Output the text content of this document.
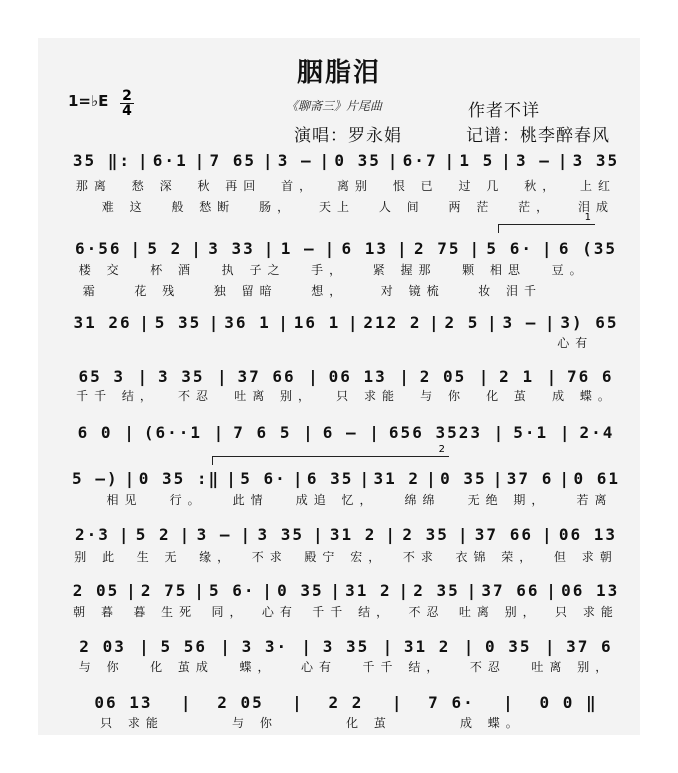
胭脂泪
1=♭E 2
4	《聊斋三》片尾曲	作者不详
演唱：罗永娟	记谱：桃李醉春风
1
2
35 ‖: | 6·1 | 7 65 | 3 – | 0 35 | 6·7 | 1 5 | 3 – | 3 35
那离	愁 深	秋 再回	首，	离别	恨 已	过 几	秋，	上红
难 这	般 愁断	肠，	天上	人 间	两 茫	茫，	泪成
6·56 | 5 2 | 3 33 | 1 – | 6 13 | 2 75 | 5 6· | 6 (35
楼 交	杯 酒	执 子之	手，	紧 握那	颗 相思	豆。
霜	花 残	独 留暗	想，	对 镜梳	妆 泪千
31 26 | 5 35 | 36 1 | 16 1 | 212 2 | 2 5 | 3 – | 3) 65
心有
65 3 | 3 35 | 37 66 | 06 13 | 2 05 | 2 1 | 76 6
千千 结，	不忍	吐离 别，	只 求能	与 你	化 茧	成 蝶。
6 0 | (6··1 | 7 6 5 | 6 – | 656 3523 | 5·1 | 2·4
5 –) | 0 35 :‖ | 5 6· | 6 35 | 31 2 | 0 35 | 37 6 | 0 61
相见	行。	此情	成追 忆，	绵绵	无绝 期，	若离
2·3 | 5 2 | 3 – | 3 35 | 31 2 | 2 35 | 37 66 | 06 13
别 此	生 无	缘，	不求	殿宁 宏，	不求	衣锦 荣，	但 求朝
2 05 | 2 75 | 5 6· | 0 35 | 31 2 | 2 35 | 37 66 | 06 13
朝 暮	暮 生死	同，	心有	千千 结，	不忍	吐离 别，	只 求能
2 03 | 5 56 | 3 3· | 3 35 | 31 2 | 0 35 | 37 6
与 你	化 茧成	蝶，	心有	千千 结，	不忍	吐离 别，
06 13	|	2 05	|	2 2	|	7 6·	|	0 0 ‖
只 求能	与 你	化 茧	成 蝶。
